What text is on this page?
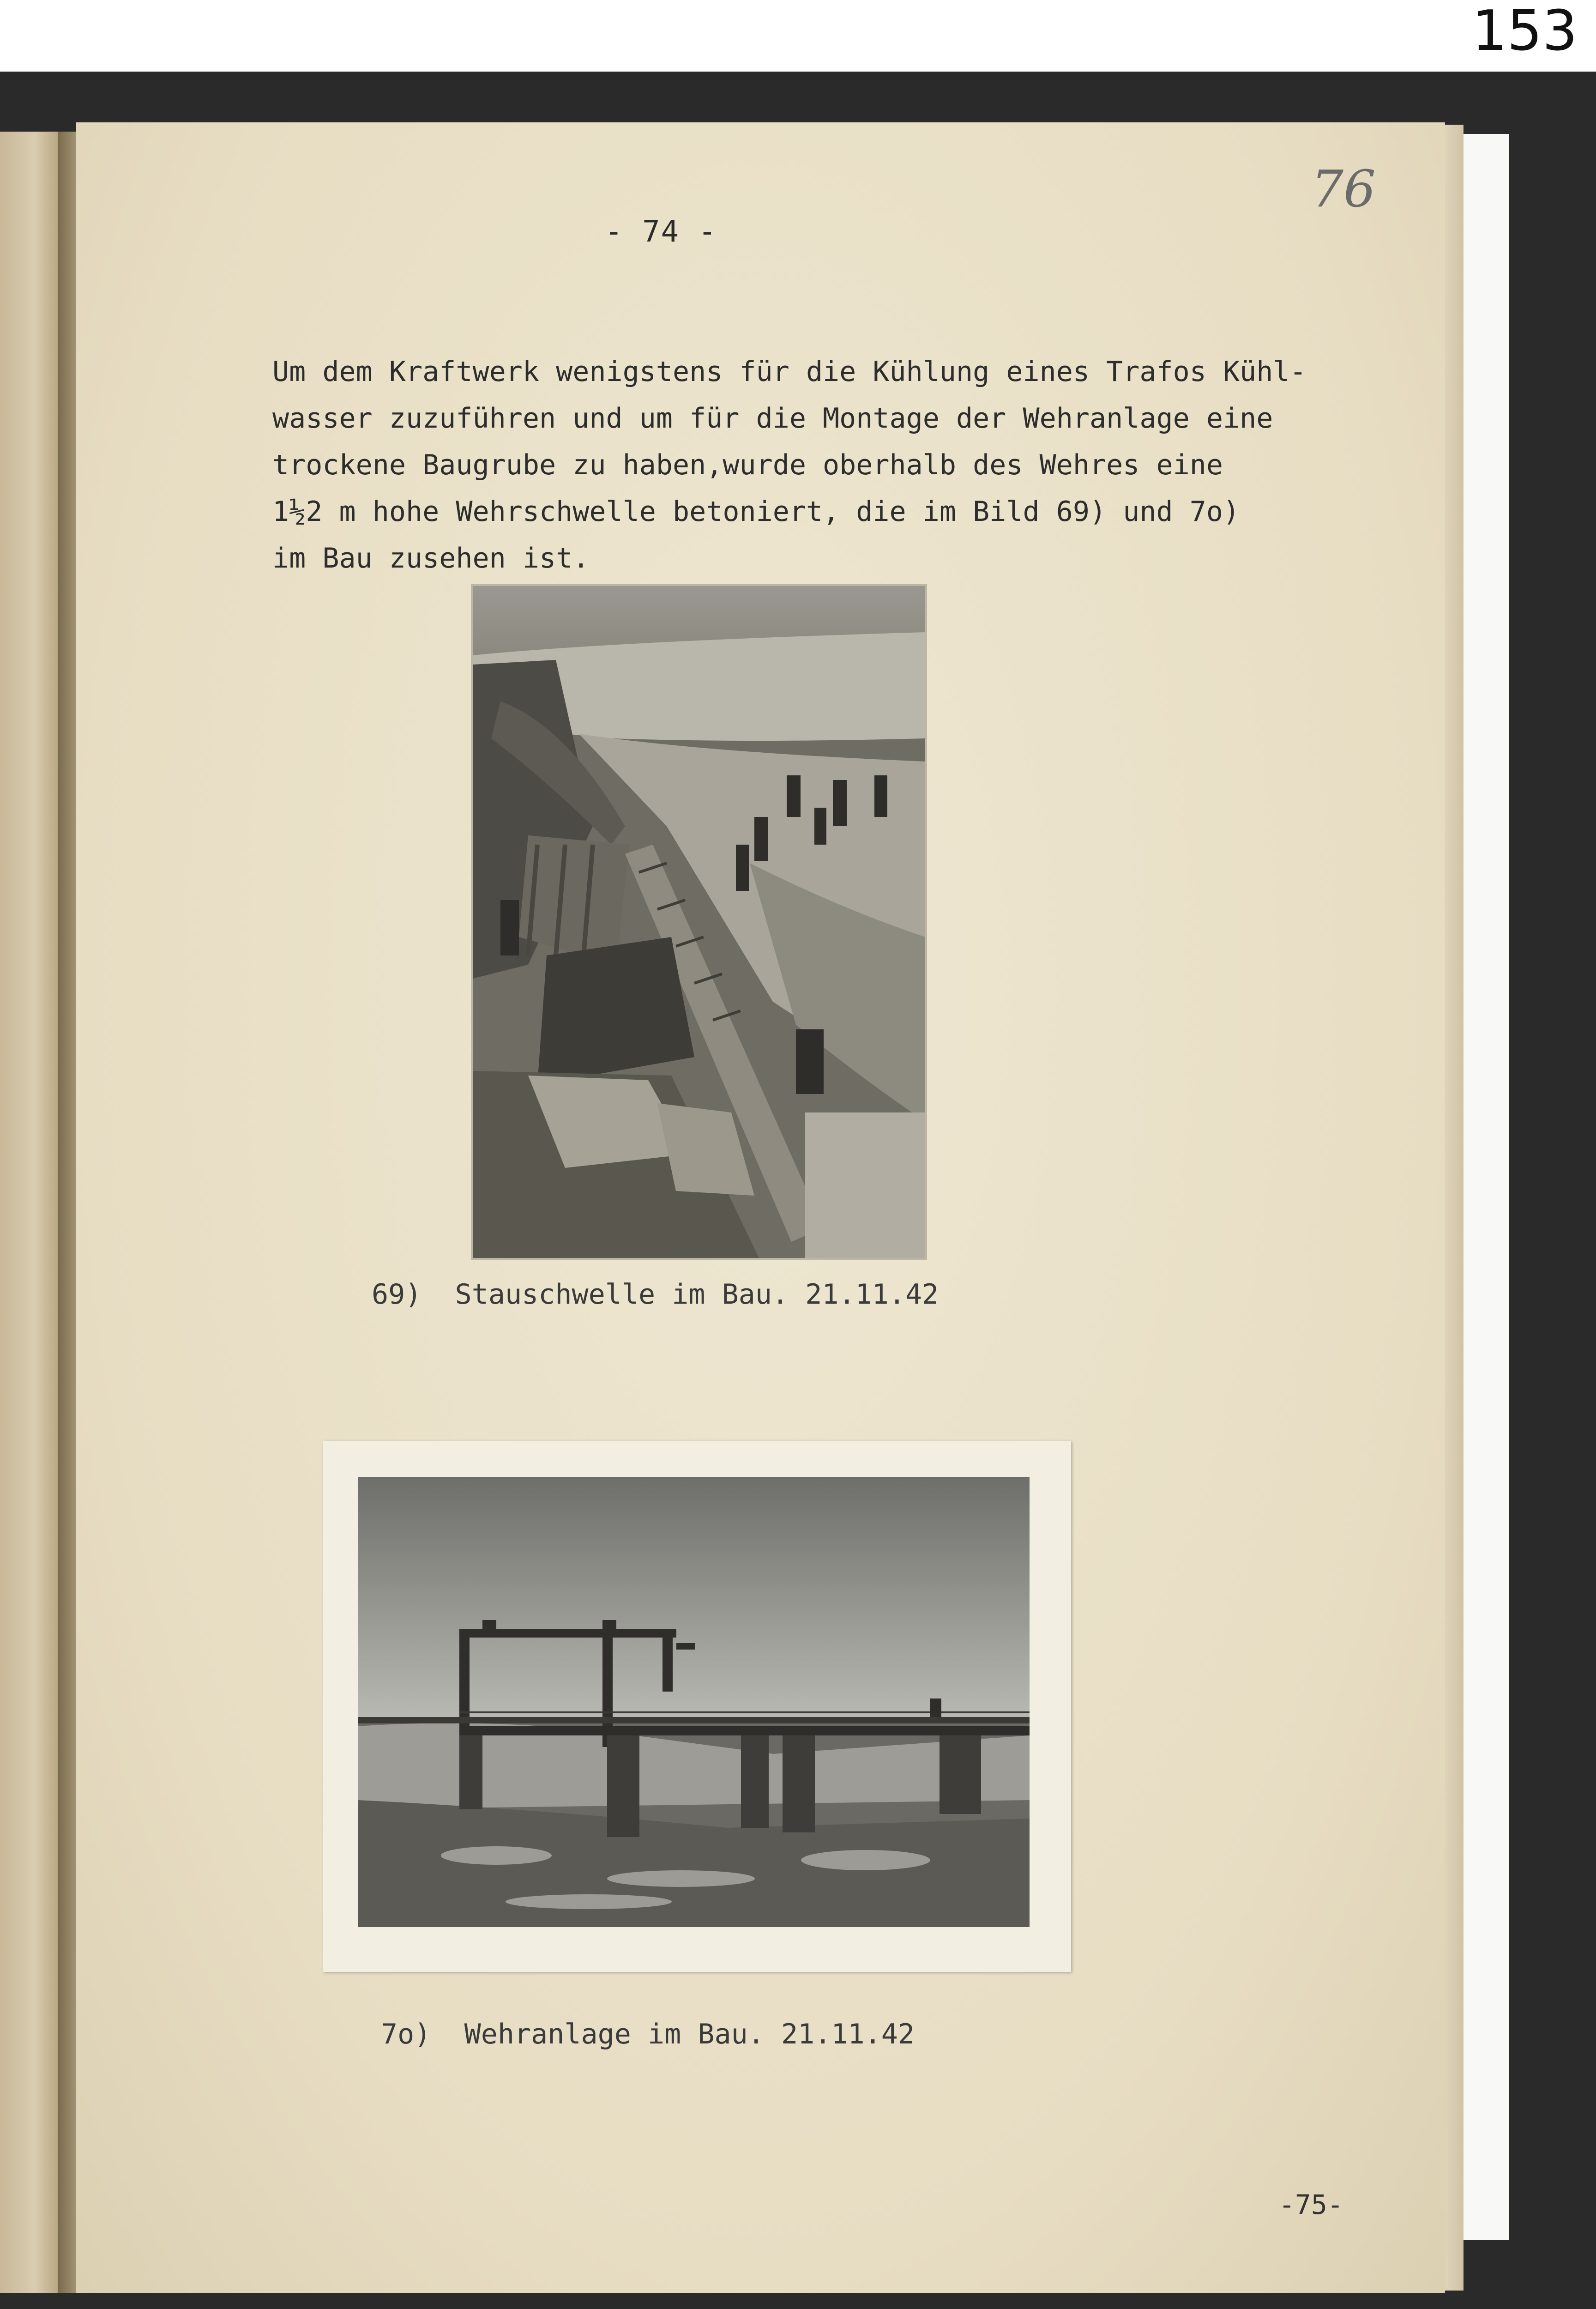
153
76
- 74 -
Um dem Kraftwerk wenigstens für die Kühlung eines Trafos Kühl-
wasser zuzuführen und um für die Montage der Wehranlage eine
trockene Baugrube zu haben,wurde oberhalb des Wehres eine
1½2 m hohe Wehrschwelle betoniert, die im Bild 69) und 7o)
im Bau zusehen ist.
69)  Stauschwelle im Bau. 21.11.42
7o)  Wehranlage im Bau. 21.11.42
-75-
